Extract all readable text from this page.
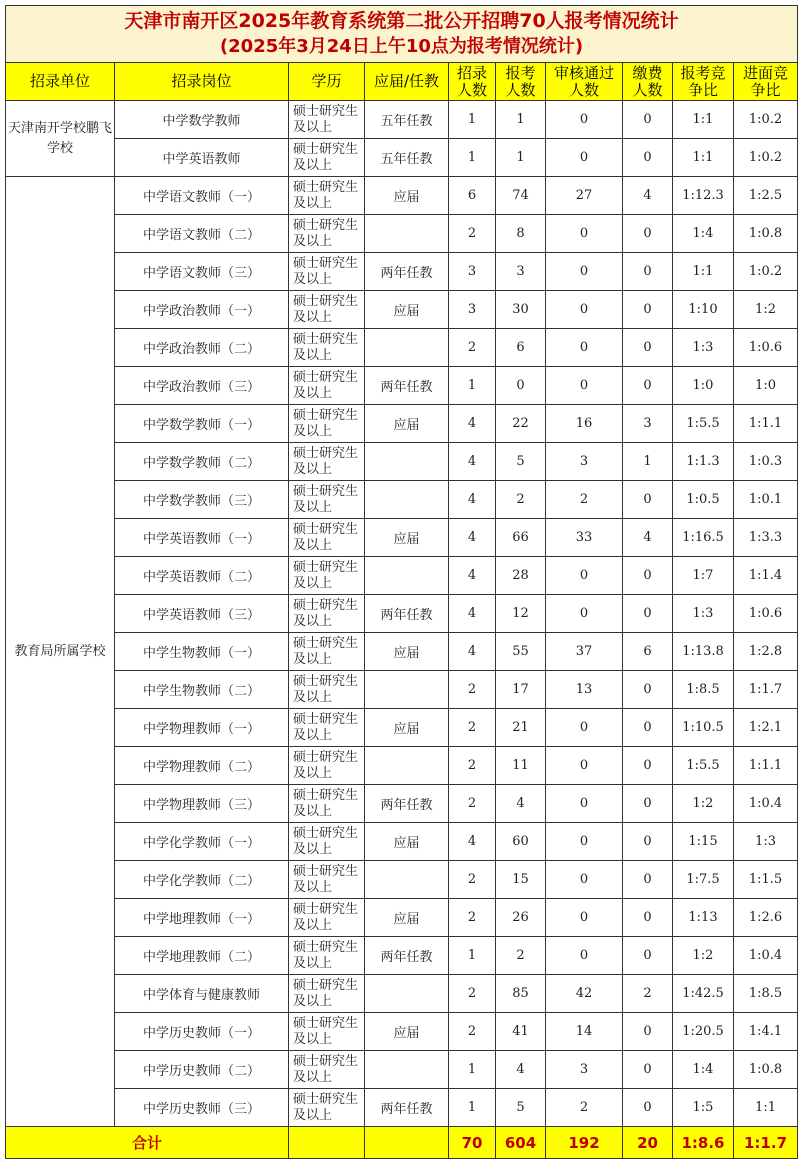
天津市南开区2025年教育系统第二批公开招聘70人报考情况统计
(2025年3月24日上午10点为报考情况统计)									

招录单位	招录岗位	学历	应届/任教	招录人数	报考人数	审核通过人数	缴费人数	报考竞争比	进面竞争比
天津南开学校鹏飞学校	中学数学教师	硕士研究生及以上	五年任教	1	1	0	0	1:1	1:0.2
	中学英语教师	硕士研究生及以上	五年任教	1	1	0	0	1:1	1:0.2
教育局所属学校	中学语文教师（一）	硕士研究生及以上	应届	6	74	27	4	1:12.3	1:2.5
	中学语文教师（二）	硕士研究生及以上		2	8	0	0	1:4	1:0.8
	中学语文教师（三）	硕士研究生及以上	两年任教	3	3	0	0	1:1	1:0.2
	中学政治教师（一）	硕士研究生及以上	应届	3	30	0	0	1:10	1:2
	中学政治教师（二）	硕士研究生及以上		2	6	0	0	1:3	1:0.6
	中学政治教师（三）	硕士研究生及以上	两年任教	1	0	0	0	1:0	1:0
	中学数学教师（一）	硕士研究生及以上	应届	4	22	16	3	1:5.5	1:1.1
	中学数学教师（二）	硕士研究生及以上		4	5	3	1	1:1.3	1:0.3
	中学数学教师（三）	硕士研究生及以上		4	2	2	0	1:0.5	1:0.1
	中学英语教师（一）	硕士研究生及以上	应届	4	66	33	4	1:16.5	1:3.3
	中学英语教师（二）	硕士研究生及以上		4	28	0	0	1:7	1:1.4
	中学英语教师（三）	硕士研究生及以上	两年任教	4	12	0	0	1:3	1:0.6
	中学生物教师（一）	硕士研究生及以上	应届	4	55	37	6	1:13.8	1:2.8
	中学生物教师（二）	硕士研究生及以上		2	17	13	0	1:8.5	1:1.7
	中学物理教师（一）	硕士研究生及以上	应届	2	21	0	0	1:10.5	1:2.1
	中学物理教师（二）	硕士研究生及以上		2	11	0	0	1:5.5	1:1.1
	中学物理教师（三）	硕士研究生及以上	两年任教	2	4	0	0	1:2	1:0.4
	中学化学教师（一）	硕士研究生及以上	应届	4	60	0	0	1:15	1:3
	中学化学教师（二）	硕士研究生及以上		2	15	0	0	1:7.5	1:1.5
	中学地理教师（一）	硕士研究生及以上	应届	2	26	0	0	1:13	1:2.6
	中学地理教师（二）	硕士研究生及以上	两年任教	1	2	0	0	1:2	1:0.4
	中学体育与健康教师	硕士研究生及以上		2	85	42	2	1:42.5	1:8.5
	中学历史教师（一）	硕士研究生及以上	应届	2	41	14	0	1:20.5	1:4.1
	中学历史教师（二）	硕士研究生及以上		1	4	3	0	1:4	1:0.8
	中学历史教师（三）	硕士研究生及以上	两年任教	1	5	2	0	1:5	1:1
合计				70	604	192	20	1:8.6	1:1.7
